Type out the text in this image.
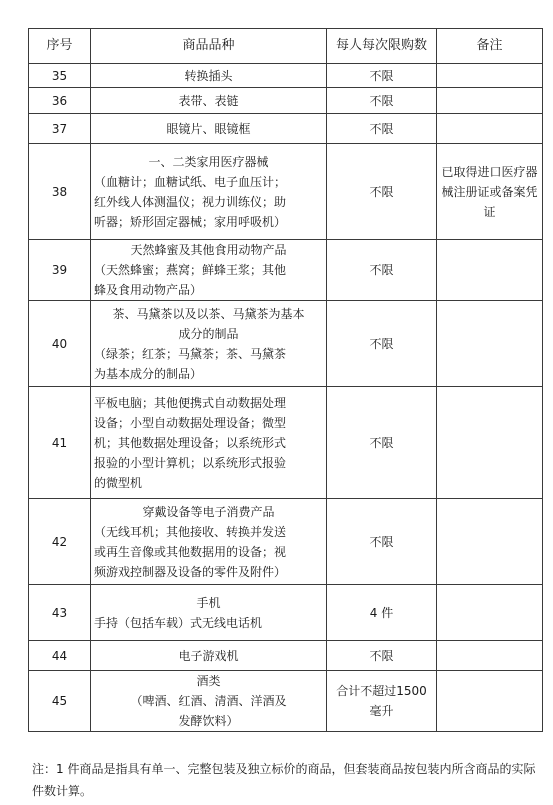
序号	商品品种	每人每次限购数	备注
35	转换插头	不限	
36	表带、表链	不限	
37	眼镜片、眼镜框	不限	
38	一、二类家用医疗器械
（血糖计；血糖试纸、电子血压计；
红外线人体测温仪；视力训练仪；助
听器；矫形固定器械；家用呼吸机）	不限	已取得进口医疗器械注册证或备案凭证
39	天然蜂蜜及其他食用动物产品
（天然蜂蜜；燕窝；鲜蜂王浆；其他
蜂及食用动物产品）	不限	
40	茶、马黛茶以及以茶、马黛茶为基本
成分的制品
（绿茶；红茶；马黛茶；茶、马黛茶
为基本成分的制品）	不限	
41	平板电脑；其他便携式自动数据处理
设备；小型自动数据处理设备；微型
机；其他数据处理设备；以系统形式
报验的小型计算机；以系统形式报验
的微型机	不限	
42	穿戴设备等电子消费产品
（无线耳机；其他接收、转换并发送
或再生音像或其他数据用的设备；视
频游戏控制器及设备的零件及附件）	不限	
43	手机
手持（包括车载）式无线电话机	4 件	
44	电子游戏机	不限	
45	酒类
（啤酒、红酒、清酒、洋酒及
发酵饮料）	合计不超过1500 毫升	

注：1 件商品是指具有单一、完整包装及独立标价的商品，但套装商品按包装内所含商品的实际件数计算。
